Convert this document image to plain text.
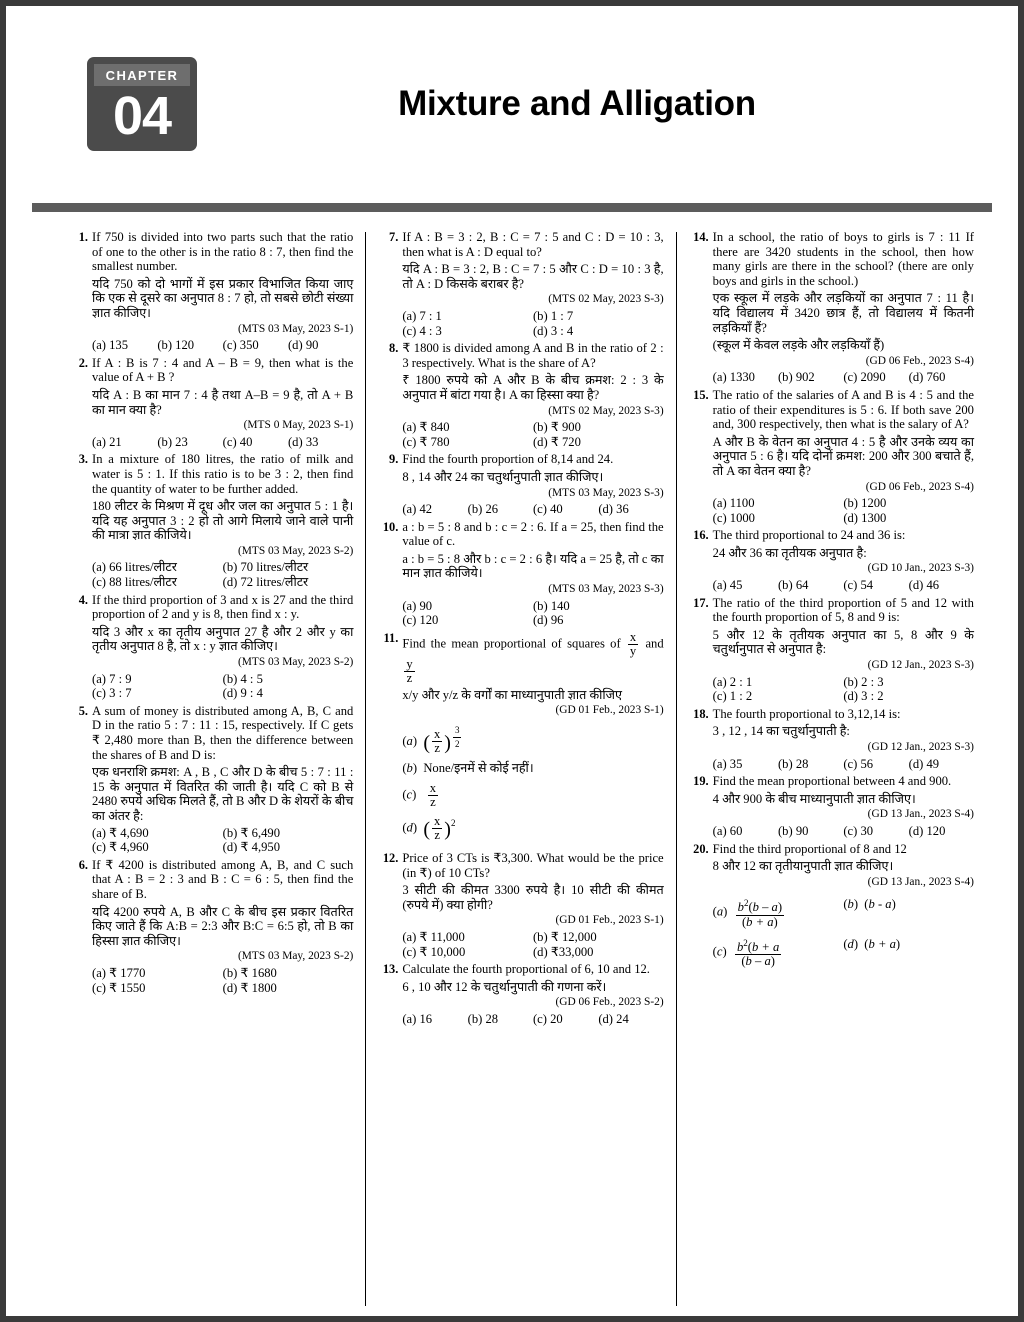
CHAPTER
04	Mixture and Alligation
1. If 750 is divided into two parts such that the ratio of one to the other is in the ratio 8 : 7, then find the smallest number.
यदि 750 को दो भागों में इस प्रकार विभाजित किया जाए कि एक से दूसरे का अनुपात 8 : 7 हो, तो सबसे छोटी संख्या ज्ञात कीजिए।
(MTS 03 May, 2023 S-1)
(a) 135	(b) 120	(c) 350	(d) 90
2. If A : B is 7 : 4 and A – B = 9, then what is the value of A + B ?
यदि A : B का मान 7 : 4 है तथा A–B = 9 है, तो A + B का मान क्या है?
(MTS 0 May, 2023 S-1)
(a) 21	(b) 23	(c) 40	(d) 33
3. In a mixture of 180 litres, the ratio of milk and water is 5 : 1. If this ratio is to be 3 : 2, then find the quantity of water to be further added.
180 लीटर के मिश्रण में दूध और जल का अनुपात 5 : 1 है। यदि यह अनुपात 3 : 2 हो तो आगे मिलाये जाने वाले पानी की मात्रा ज्ञात कीजिये।
(MTS 03 May, 2023 S-2)
(a) 66 litres/लीटर	(b) 70 litres/लीटर
(c) 88 litres/लीटर	(d) 72 litres/लीटर
4. If the third proportion of 3 and x is 27 and the third proportion of 2 and y is 8, then find x : y.
यदि 3 और x का तृतीय अनुपात 27 है और 2 और y का तृतीय अनुपात 8 है, तो x : y ज्ञात कीजिए।
(MTS 03 May, 2023 S-2)
(a) 7 : 9	(b) 4 : 5
(c) 3 : 7	(d) 9 : 4
5. A sum of money is distributed among A, B, C and D in the ratio 5 : 7 : 11 : 15, respectively. If C gets ₹ 2,480 more than B, then the difference between the shares of B and D is:
एक धनराशि क्रमश: A , B , C और D के बीच 5 : 7 : 11 : 15 के अनुपात में वितरित की जाती है। यदि C को B से 2480 रुपये अधिक मिलते हैं, तो B और D के शेयरों के बीच का अंतर है:
(a) ₹ 4,690	(b) ₹ 6,490
(c) ₹ 4,960	(d) ₹ 4,950
6. If ₹ 4200 is distributed among A, B, and C such that A : B = 2 : 3 and B : C = 6 : 5, then find the share of B.
यदि 4200 रुपये A, B और C के बीच इस प्रकार वितरित किए जाते हैं कि A:B = 2:3 और B:C = 6:5 हो, तो B का हिस्सा ज्ञात कीजिए।
(MTS 03 May, 2023 S-2)
(a) ₹ 1770	(b) ₹ 1680
(c) ₹ 1550	(d) ₹ 1800
7. If A : B = 3 : 2, B : C = 7 : 5 and C : D = 10 : 3, then what is A : D equal to?
यदि A : B = 3 : 2, B : C = 7 : 5 और C : D = 10 : 3 है, तो A : D किसके बराबर है?
(MTS 02 May, 2023 S-3)
(a) 7 : 1	(b) 1 : 7
(c) 4 : 3	(d) 3 : 4
8. ₹ 1800 is divided among A and B in the ratio of 2 : 3 respectively. What is the share of A?
₹ 1800 रुपये को A और B के बीच क्रमश: 2 : 3 के अनुपात में बांटा गया है। A का हिस्सा क्या है?
(MTS 02 May, 2023 S-3)
(a) ₹ 840	(b) ₹ 900
(c) ₹ 780	(d) ₹ 720
9. Find the fourth proportion of 8,14 and 24.
8 , 14 और 24 का चतुर्थानुपाती ज्ञात कीजिए।
(MTS 03 May, 2023 S-3)
(a) 42	(b) 26	(c) 40	(d) 36
10. a : b = 5 : 8 and b : c = 2 : 6. If a = 25, then find the value of c.
a : b = 5 : 8 और b : c = 2 : 6 है। यदि a = 25 है, तो c का मान ज्ञात कीजिये।
(MTS 03 May, 2023 S-3)
(a) 90	(b) 140
(c) 120	(d) 96
11. Find the mean proportional of squares of $\frac{x}{y}$ and
$\frac{y}{z}$
x/y और y/z के वर्गों का माध्यानुपाती ज्ञात कीजिए
(GD 01 Feb., 2023 S-1)
(a)  ( $\frac{x}{z}$ ) $^{\frac{3}{2}}$
(b)  None/इनमें से कोई नहीं।
$(c) \frac{x}{z}$
(d)  ( $\frac{x}{z} )^2$
12. Price of 3 CTs is ₹3,300. What would be the price (in ₹) of 10 CTs?
3 सीटी की कीमत 3300 रुपये है। 10 सीटी की कीमत (रुपये में) क्या होगी?
(GD 01 Feb., 2023 S-1)
(a) ₹ 11,000	(b) ₹ 12,000
(c) ₹ 10,000	(d) ₹33,000
13. Calculate the fourth proportional of 6, 10 and 12.
6 , 10 और 12 के चतुर्थानुपाती की गणना करें।
(GD 06 Feb., 2023 S-2)
(a) 16	(b) 28	(c) 20	(d) 24
14. In a school, the ratio of boys to girls is 7 : 11 If there are 3420 students in the school, then how many girls are there in the school? (there are only boys and girls in the school.)
एक स्कूल में लड़के और लड़कियों का अनुपात 7 : 11 है। यदि विद्यालय में 3420 छात्र हैं, तो विद्यालय में कितनी लड़कियाँ हैं?
(स्कूल में केवल लड़के और लड़कियाँ हैं)
(GD 06 Feb., 2023 S-4)
(a) 1330	(b) 902	(c) 2090	(d) 760
15. The ratio of the salaries of A and B is 4 : 5 and the ratio of their expenditures is 5 : 6. If both save 200 and, 300 respectively, then what is the salary of A?
A और B के वेतन का अनुपात 4 : 5 है और उनके व्यय का अनुपात 5 : 6 है। यदि दोनों क्रमश: 200 और 300 बचाते हैं, तो A का वेतन क्या है?
(GD 06 Feb., 2023 S-4)
(a) 1100	(b) 1200
(c) 1000	(d) 1300
16. The third proportional to 24 and 36 is:
24 और 36 का तृतीयक अनुपात है:
(GD 10 Jan., 2023 S-3)
(a) 45	(b) 64	(c) 54	(d) 46
17. The ratio of the third proportion of 5 and 12 with the fourth proportion of 5, 8 and 9 is:
5 और 12 के तृतीयक अनुपात का 5, 8 और 9 के चतुर्थानुपात से अनुपात है:
(GD 12 Jan., 2023 S-3)
(a) 2 : 1	(b) 2 : 3
(c) 1 : 2	(d) 3 : 2
18. The fourth proportional to 3,12,14 is:
3 , 12 , 14 का चतुर्थानुपाती है:
(GD 12 Jan., 2023 S-3)
(a) 35	(b) 28	(c) 56	(d) 49
19. Find the mean proportional between 4 and 900.
4 और 900 के बीच माध्यानुपाती ज्ञात कीजिए।
(GD 13 Jan., 2023 S-4)
(a) 60	(b) 90	(c) 30	(d) 120
20. Find the third proportional of 8 and 12
8 और 12 का तृतीयानुपाती ज्ञात कीजिए।
(GD 13 Jan., 2023 S-4)
$(a) \frac{b^2(b - a)}{(b + a)}$	(b)  (b - a)
$(c) \frac{b^2(b + a}{(b - a)}$	(d)  (b + a)
